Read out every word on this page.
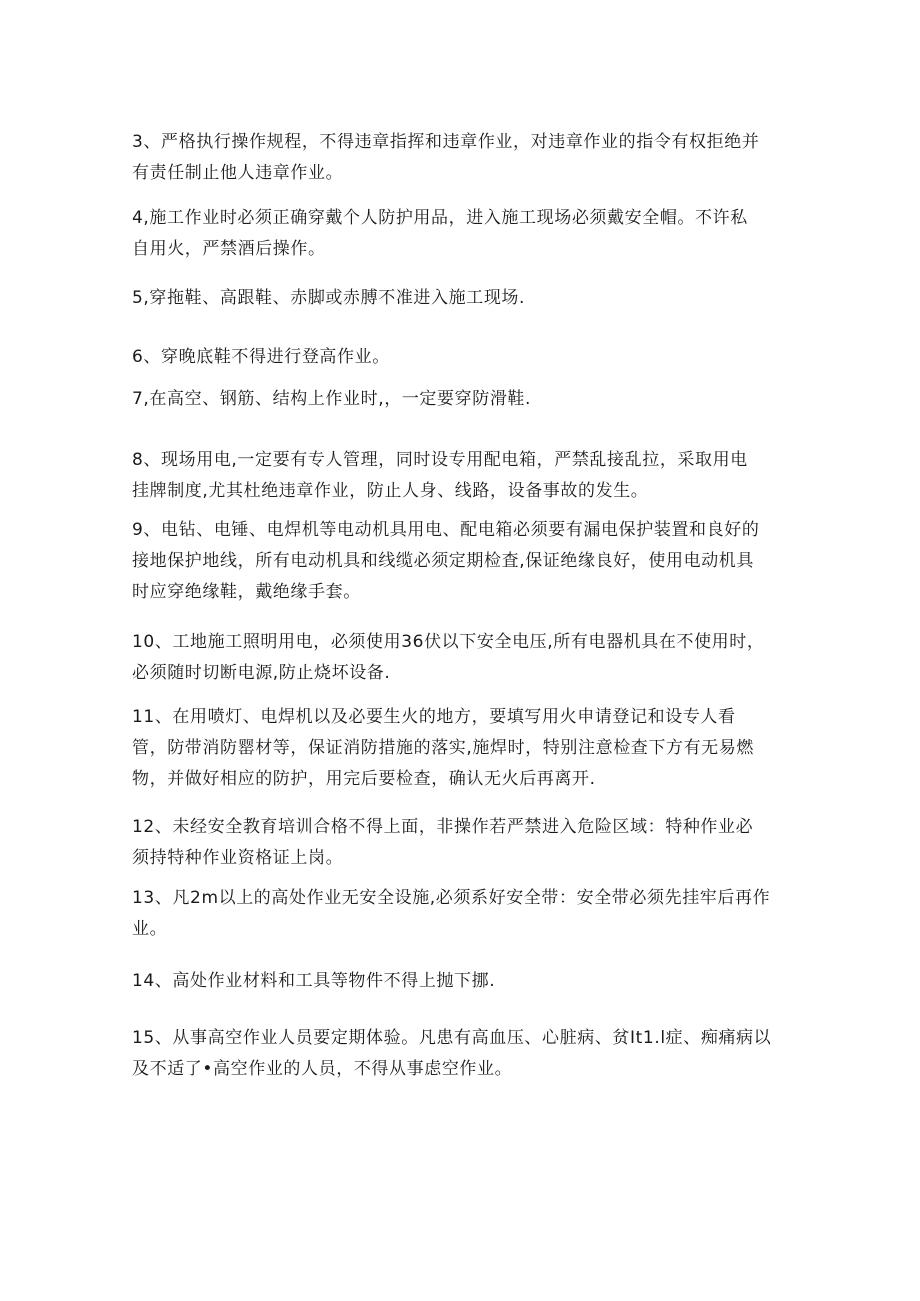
3、严格执行操作规程，不得违章指挥和违章作业，对违章作业的指令有权拒绝并
有责任制止他人违章作业。

4,施工作业时必须正确穿戴个人防护用品，进入施工现场必须戴安全帽。不许私
自用火，严禁酒后操作。

5,穿拖鞋、高跟鞋、赤脚或赤膊不准进入施工现场.

6、穿晚底鞋不得进行登高作业。

7,在高空、钢筋、结构上作业时,，一定要穿防滑鞋.

8、现场用电,一定要有专人管理，同时设专用配电箱，严禁乱接乱拉，采取用电
挂牌制度,尤其杜绝违章作业，防止人身、线路，设备事故的发生。

9、电钻、电锤、电焊机等电动机具用电、配电箱必须要有漏电保护装置和良好的
接地保护地线，所有电动机具和线缆必须定期检査,保证绝缘良好，使用电动机具
时应穿绝缘鞋，戴绝缘手套。

10、工地施工照明用电，必须使用36伏以下安全电压,所有电器机具在不使用时，
必须随时切断电源,防止烧坏设备.

11、在用喷灯、电焊机以及必要生火的地方，要填写用火申请登记和设专人看
管，防带消防罂材等，保证消防措施的落实,施焊时，特别注意检查下方有无易燃
物，并做好相应的防护，用完后要检查，确认无火后再离开.

12、未经安全教育培训合格不得上面，非操作若严禁进入危险区域：特种作业必
须持特种作业资格证上岗。

13、凡2m以上的高处作业无安全设施,必须系好安全带：安全带必须先挂牢后再作
业。

14、高处作业材料和工具等物件不得上抛下挪.

15、从事高空作业人员要定期体验。凡患有高血压、心脏病、贫It1.l症、痴痛病以
及不适了•高空作业的人员，不得从事虑空作业。
